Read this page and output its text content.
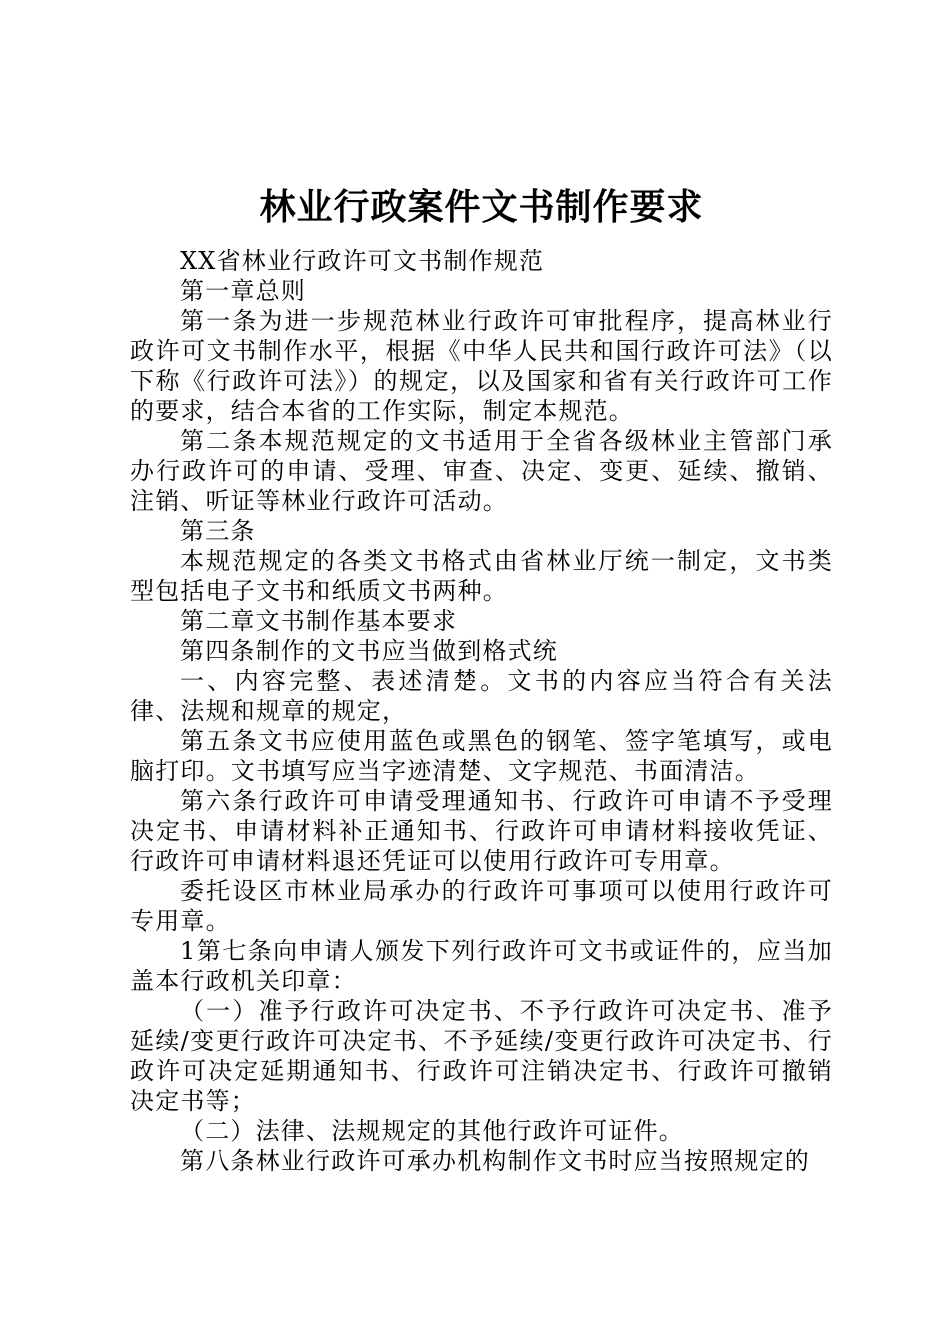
林业行政案件文书制作要求

XX省林业行政许可文书制作规范

第一章总则

第一条为进一步规范林业行政许可审批程序，提高林业行政许可文书制作水平，根据《中华人民共和国行政许可法》（以下称《行政许可法》）的规定，以及国家和省有关行政许可工作的要求，结合本省的工作实际，制定本规范。

第二条本规范规定的文书适用于全省各级林业主管部门承办行政许可的申请、受理、审查、决定、变更、延续、撤销、注销、听证等林业行政许可活动。

第三条

本规范规定的各类文书格式由省林业厅统一制定，文书类型包括电子文书和纸质文书两种。

第二章文书制作基本要求

第四条制作的文书应当做到格式统

一、内容完整、表述清楚。文书的内容应当符合有关法律、法规和规章的规定，

第五条文书应使用蓝色或黑色的钢笔、签字笔填写，或电脑打印。文书填写应当字迹清楚、文字规范、书面清洁。

第六条行政许可申请受理通知书、行政许可申请不予受理决定书、申请材料补正通知书、行政许可申请材料接收凭证、行政许可申请材料退还凭证可以使用行政许可专用章。

委托设区市林业局承办的行政许可事项可以使用行政许可专用章。

1第七条向申请人颁发下列行政许可文书或证件的，应当加盖本行政机关印章：

（一）准予行政许可决定书、不予行政许可决定书、准予延续/变更行政许可决定书、不予延续/变更行政许可决定书、行政许可决定延期通知书、行政许可注销决定书、行政许可撤销决定书等；

（二）法律、法规规定的其他行政许可证件。

第八条林业行政许可承办机构制作文书时应当按照规定的
